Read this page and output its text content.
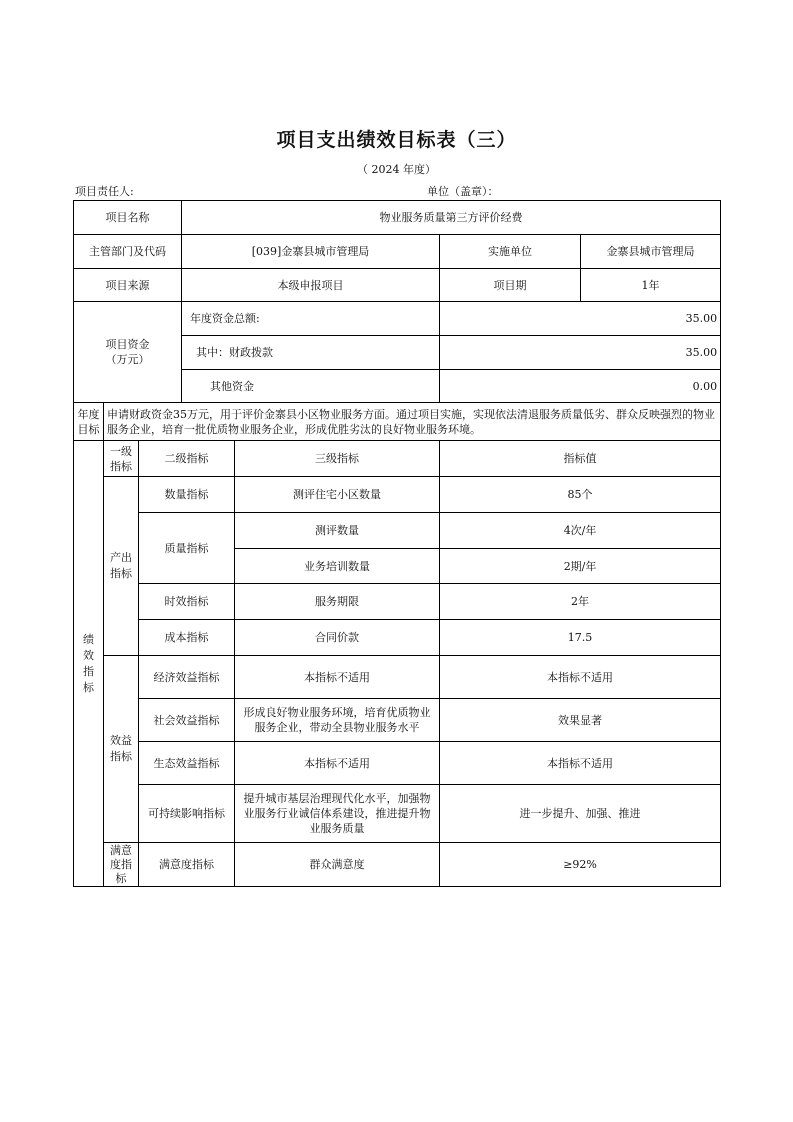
项目支出绩效目标表（三）
（ 2024 年度）
项目责任人:	单位（盖章）：
项目名称			物业服务质量第三方评价经费			
主管部门及代码			[039]金寨县城市管理局		实施单位	金寨县城市管理局
项目来源			本级申报项目		项目期	1年

项目资金
（万元）			年度资金总额:		35.00	
			其中：财政拨款		35.00	
			其他资金		0.00	

年度
目标	申请财政资金35万元，用于评价金寨县小区物业服务方面。通过项目实施，实现依法清退服务质量低劣、群众反映强烈的物业服务企业，培育一批优质物业服务企业，形成优胜劣汰的良好物业服务环境。					

绩效指标	一级指标	二级指标		三级指标	指标值	

	产出指标	数量指标		测评住宅小区数量	85个	
		质量指标		测评数量	4次/年	
				业务培训数量	2期/年	
		时效指标		服务期限	2年	
		成本指标		合同价款	17.5	

	效益指标	经济效益指标		本指标不适用	本指标不适用	
		社会效益指标		形成良好物业服务环境，培育优质物业服务企业，带动全县物业服务水平	效果显著	
		生态效益指标		本指标不适用	本指标不适用	
		可持续影响指标		提升城市基层治理现代化水平，加强物业服务行业诚信体系建设，推进提升物业服务质量	进一步提升、加强、推进	

	满意度指标	满意度指标		群众满意度	≥92%	
